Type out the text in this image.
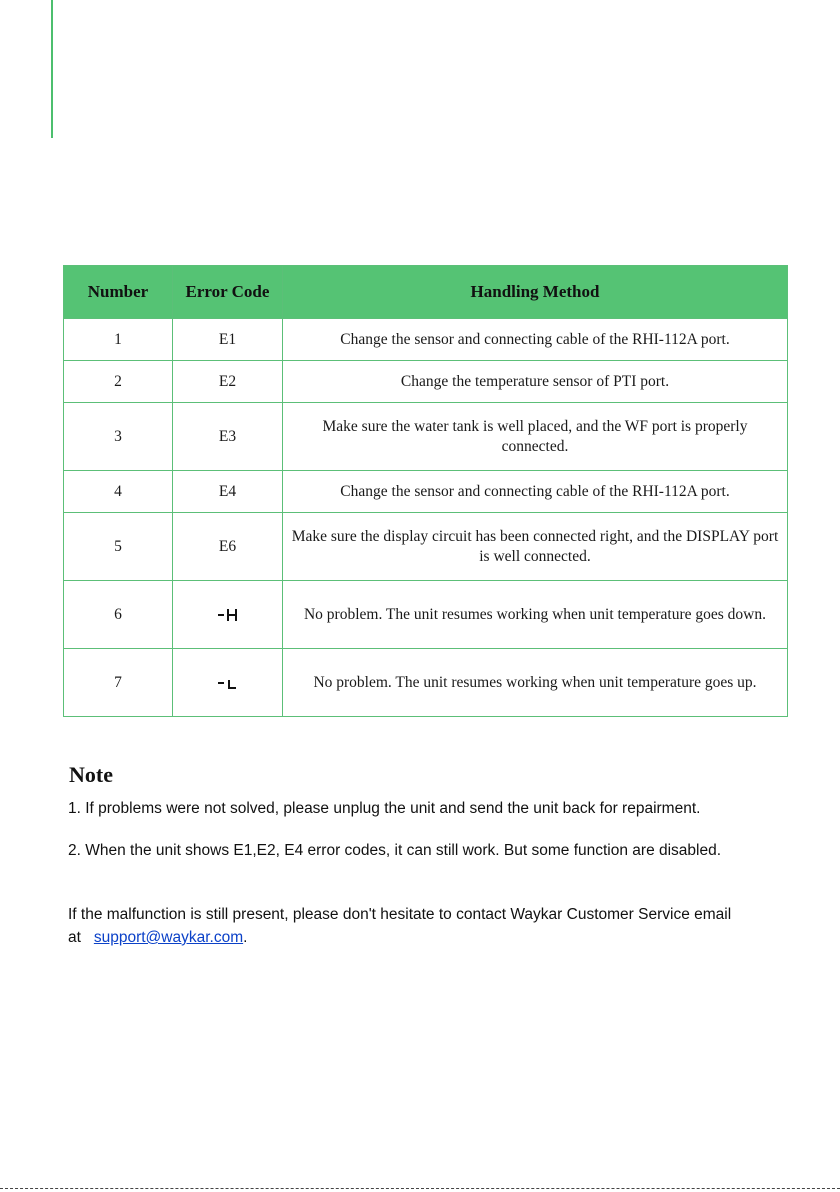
Number	Error Code	Handling Method
1	E1	Change the sensor and connecting cable of the RHI-112A port.
2	E2	Change the temperature sensor of PTI port.
3	E3	Make sure the water tank is well placed, and the WF port is properly connected.
4	E4	Change the sensor and connecting cable of the RHI-112A port.
5	E6	Make sure the display circuit has been connected right, and the DISPLAY port is well connected.
6		No problem. The unit resumes working when unit temperature goes down.
7		No problem. The unit resumes working when unit temperature goes up.
Note

1. If problems were not solved, please unplug the unit and send the unit back for repairment.

2. When the unit shows E1,E2, E4 error codes, it can still work. But some function are disabled.

If the malfunction is still present, please don't hesitate to contact Waykar Customer Service email at support@waykar.com.
